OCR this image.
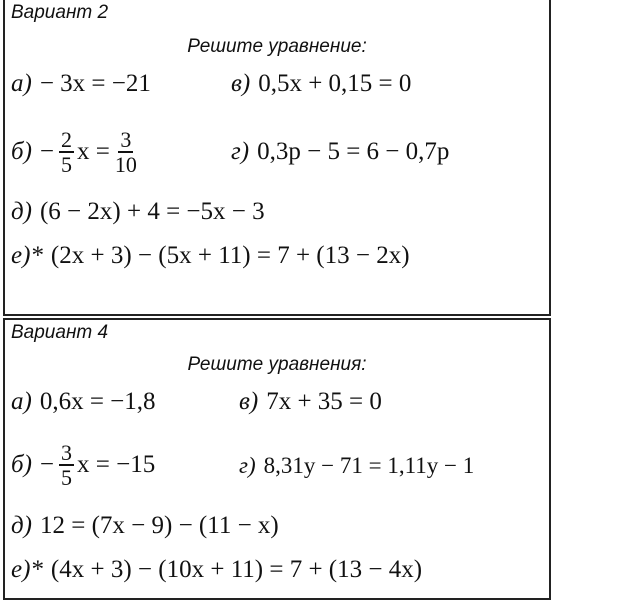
Вариант 2
Решите уравнение:
а) − 3x = −21	в) 0,5x + 0,15 = 0
$б) - \frac{2}{5}$ $x = \frac{3}{10}$	г) 0,3p − 5 = 6 − 0,7p
д) (6 − 2x) + 4 = −5x − 3
е)* (2x + 3) − (5x + 11) = 7 + (13 − 2x)
Вариант 4
Решите уравнения:
а) 0,6x = −1,8	в) 7x + 35 = 0
$б) - \frac{3}{5}$ x = −15	г) 8,31y − 71 = 1,11y − 1
д) 12 = (7x − 9) − (11 − x)
е)* (4x + 3) − (10x + 11) = 7 + (13 − 4x)
